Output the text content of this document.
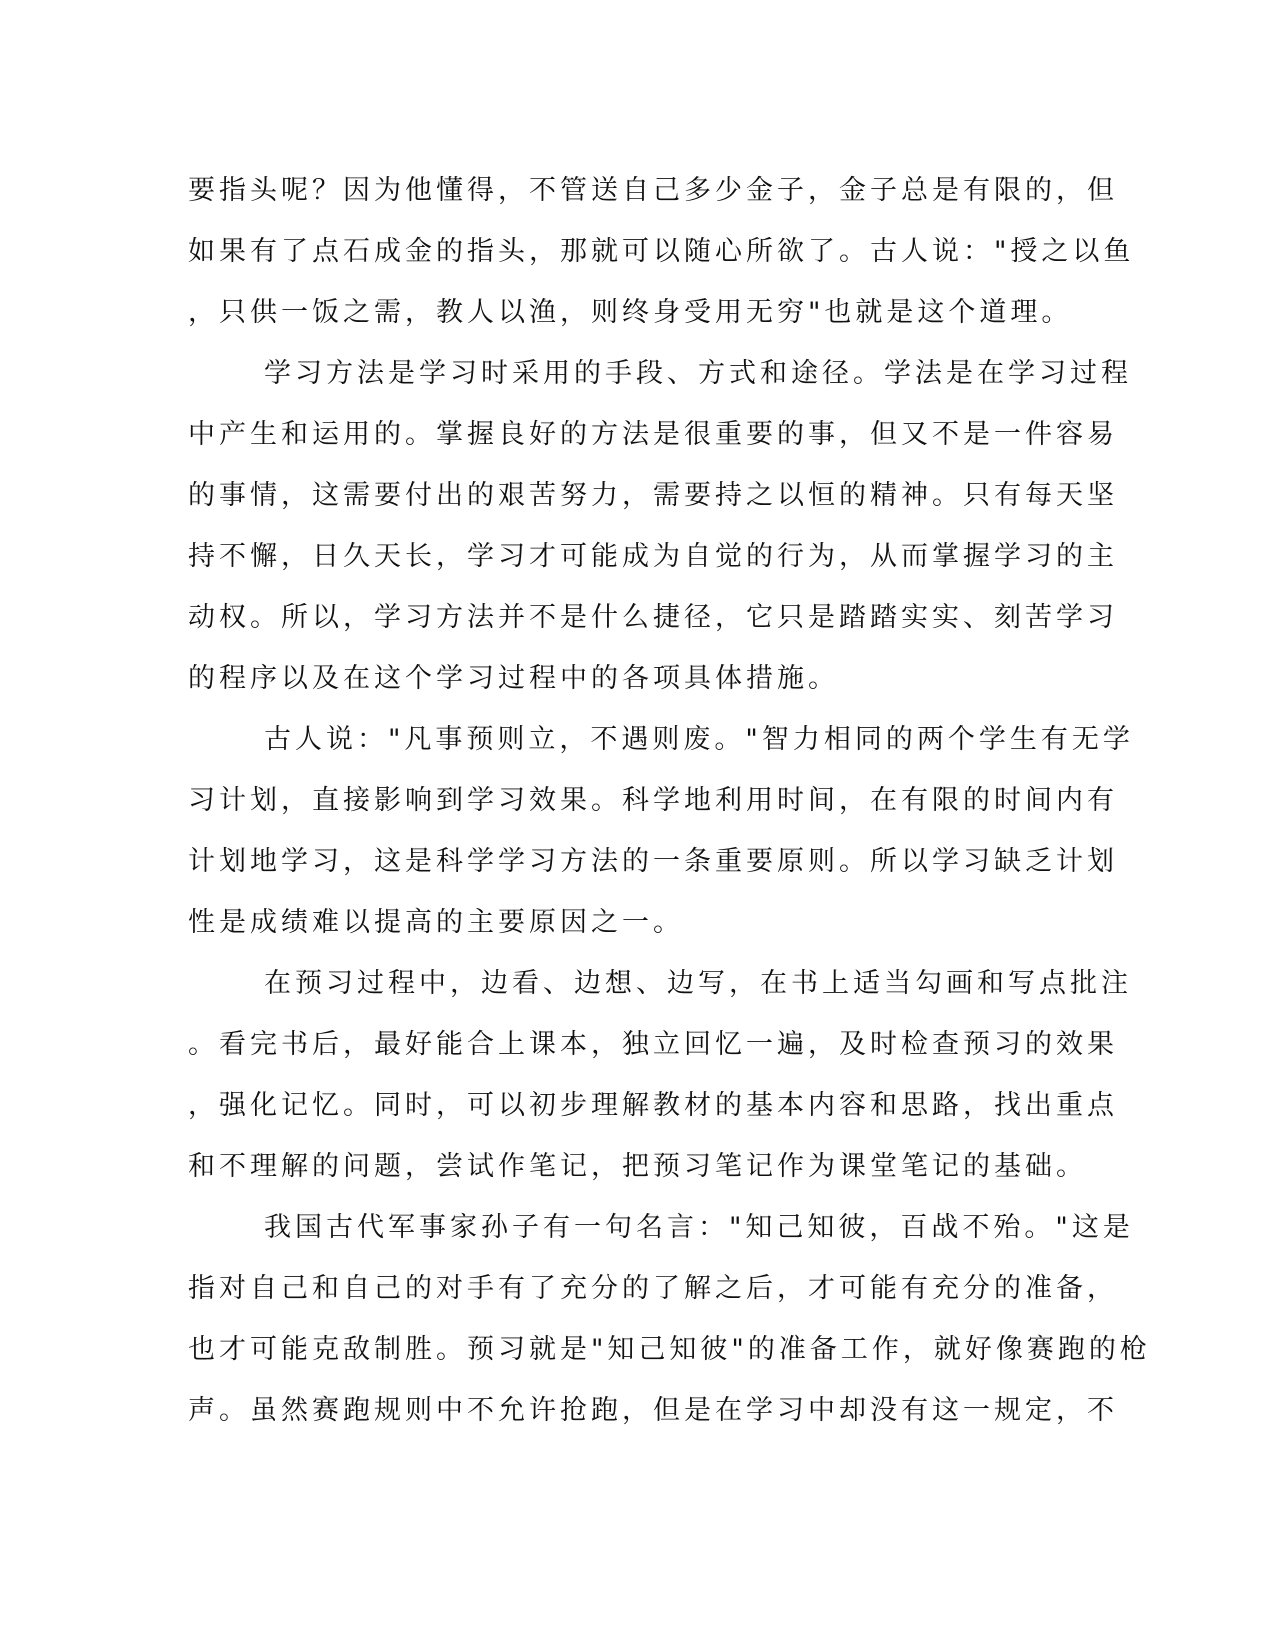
要指头呢？因为他懂得，不管送自己多少金子，金子总是有限的，但
如果有了点石成金的指头，那就可以随心所欲了。古人说："授之以鱼
，只供一饭之需，教人以渔，则终身受用无穷"也就是这个道理。
学习方法是学习时采用的手段、方式和途径。学法是在学习过程
中产生和运用的。掌握良好的方法是很重要的事，但又不是一件容易
的事情，这需要付出的艰苦努力，需要持之以恒的精神。只有每天坚
持不懈，日久天长，学习才可能成为自觉的行为，从而掌握学习的主
动权。所以，学习方法并不是什么捷径，它只是踏踏实实、刻苦学习
的程序以及在这个学习过程中的各项具体措施。
古人说："凡事预则立，不遇则废。"智力相同的两个学生有无学
习计划，直接影响到学习效果。科学地利用时间，在有限的时间内有
计划地学习，这是科学学习方法的一条重要原则。所以学习缺乏计划
性是成绩难以提高的主要原因之一。
在预习过程中，边看、边想、边写，在书上适当勾画和写点批注
。看完书后，最好能合上课本，独立回忆一遍，及时检查预习的效果
，强化记忆。同时，可以初步理解教材的基本内容和思路，找出重点
和不理解的问题，尝试作笔记，把预习笔记作为课堂笔记的基础。
我国古代军事家孙子有一句名言："知己知彼，百战不殆。"这是
指对自己和自己的对手有了充分的了解之后，才可能有充分的准备，
也才可能克敌制胜。预习就是"知己知彼"的准备工作，就好像赛跑的枪
声。虽然赛跑规则中不允许抢跑，但是在学习中却没有这一规定，不
